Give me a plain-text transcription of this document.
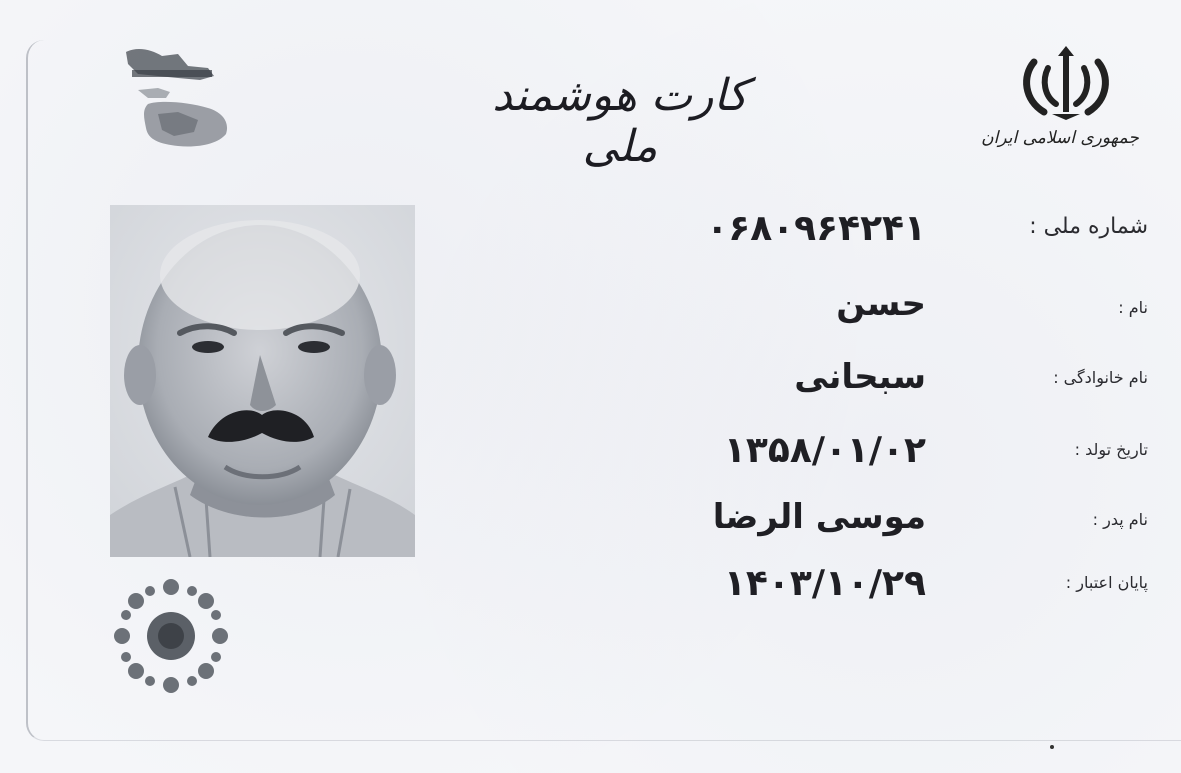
کارت هوشمند ملی	جمهوری اسلامی ایران
شماره ملی :
۰۶۸۰۹۶۴۲۴۱
نام :
حسن
نام خانوادگی :
سبحانی
تاریخ تولد :
۱۳۵۸/۰۱/۰۲
نام پدر :
موسی الرضا
پایان اعتبار :
۱۴۰۳/۱۰/۲۹
